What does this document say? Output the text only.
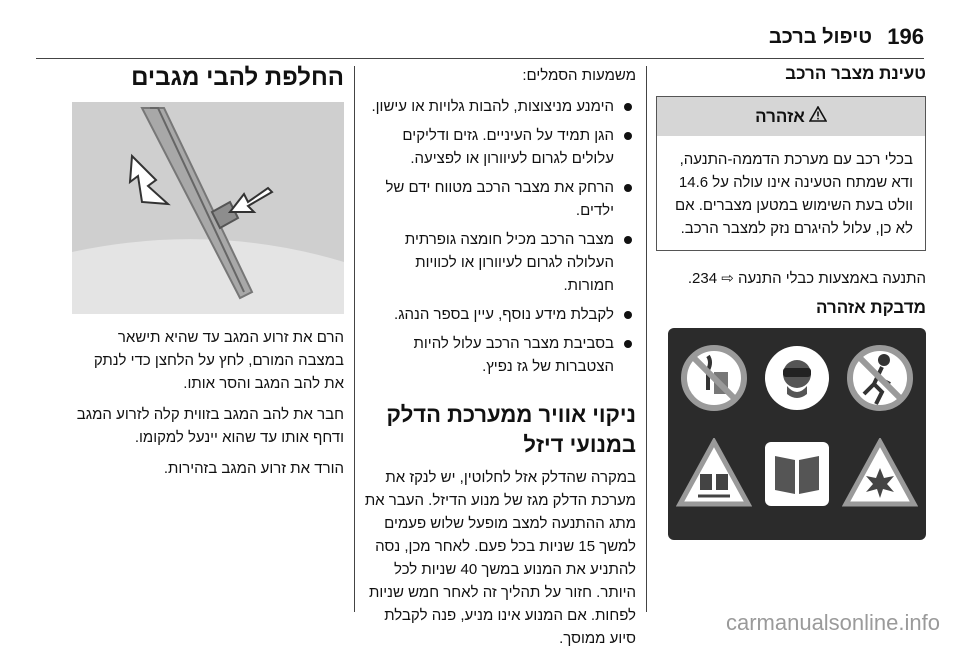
196
טיפול ברכב
טעינת מצבר הרכב
אזהרה
בכלי רכב עם מערכת הדממה-התנעה, ודא שמתח הטעינה אינו עולה על 14.6 וולט בעת השימוש במטען מצברים. אם לא כן, עלול להיגרם נזק למצבר הרכב.

התנעה באמצעות כבלי התנעה ⇨ 234.

מדבקת אזהרה

משמעות הסמלים:

הימנע מניצוצות, להבות גלויות או עישון.
הגן תמיד על העיניים. גזים ודליקים עלולים לגרום לעיוורון או לפציעה.
הרחק את מצבר הרכב מטווח ידם של ילדים.
מצבר הרכב מכיל חומצה גופרתית העלולה לגרום לעיוורון או לכוויות חמורות.
לקבלת מידע נוסף, עיין בספר הנהג.
בסביבת מצבר הרכב עלול להיות הצטברות של גז נפיץ.
ניקוי אוויר ממערכת הדלק במנועי דיזל

במקרה שהדלק אזל לחלוטין, יש לנקז את מערכת הדלק מגז של מנוע הדיזל. העבר את מתג ההתנעה למצב מופעל שלוש פעמים למשך 15 שניות בכל פעם. לאחר מכן, נסה להתניע את המנוע במשך 40 שניות לכל היותר. חזור על תהליך זה לאחר חמש שניות לפחות. אם המנוע אינו מניע, פנה לקבלת סיוע ממוסך.

החלפת להבי מגבים

הרם את זרוע המגב עד שהיא תישאר במצבה המורם, לחץ על הלחצן כדי לנתק את להב המגב והסר אותו.

חבר את להב המגב בזווית קלה לזרוע המגב ודחף אותו עד שהוא יינעל למקומו.

הורד את זרוע המגב בזהירות.

carmanualsonline.info
